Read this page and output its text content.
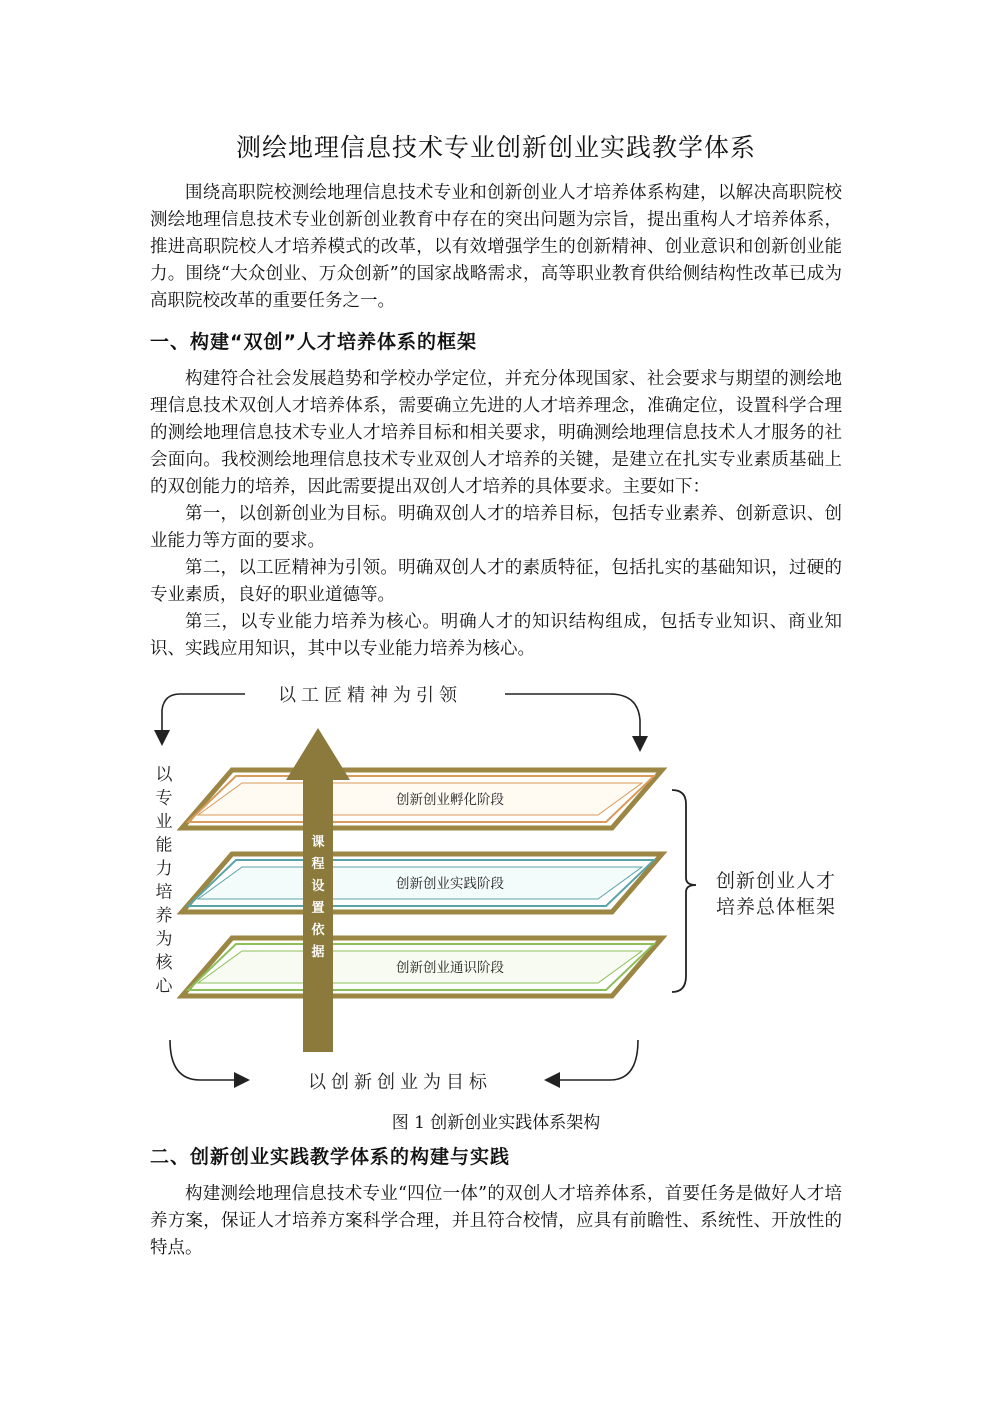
测绘地理信息技术专业创新创业实践教学体系

围绕高职院校测绘地理信息技术专业和创新创业人才培养体系构建，以解决高职院校测绘地理信息技术专业创新创业教育中存在的突出问题为宗旨，提出重构人才培养体系，推进高职院校人才培养模式的改革，以有效增强学生的创新精神、创业意识和创新创业能力。围绕“大众创业、万众创新”的国家战略需求，高等职业教育供给侧结构性改革已成为高职院校改革的重要任务之一。

一、构建“双创”人才培养体系的框架

构建符合社会发展趋势和学校办学定位，并充分体现国家、社会要求与期望的测绘地理信息技术双创人才培养体系，需要确立先进的人才培养理念，准确定位，设置科学合理的测绘地理信息技术专业人才培养目标和相关要求，明确测绘地理信息技术人才服务的社会面向。我校测绘地理信息技术专业双创人才培养的关键，是建立在扎实专业素质基础上的双创能力的培养，因此需要提出双创人才培养的具体要求。主要如下：

第一，以创新创业为目标。明确双创人才的培养目标，包括专业素养、创新意识、创业能力等方面的要求。

第二，以工匠精神为引领。明确双创人才的素质特征，包括扎实的基础知识，过硬的专业素质，良好的职业道德等。

第三，以专业能力培养为核心。明确人才的知识结构组成，包括专业知识、商业知识、实践应用知识，其中以专业能力培养为核心。

以工匠精神为引领
以创新创业为目标
以
专
业
能
力
培
养
为
核
心
创新创业孵化阶段
创新创业实践阶段
创新创业通识阶段
课
程
设
置
依
据
创新创业人才
培养总体框架
图 1 创新创业实践体系架构
二、创新创业实践教学体系的构建与实践

构建测绘地理信息技术专业“四位一体”的双创人才培养体系，首要任务是做好人才培养方案，保证人才培养方案科学合理，并且符合校情，应具有前瞻性、系统性、开放性的特点。
